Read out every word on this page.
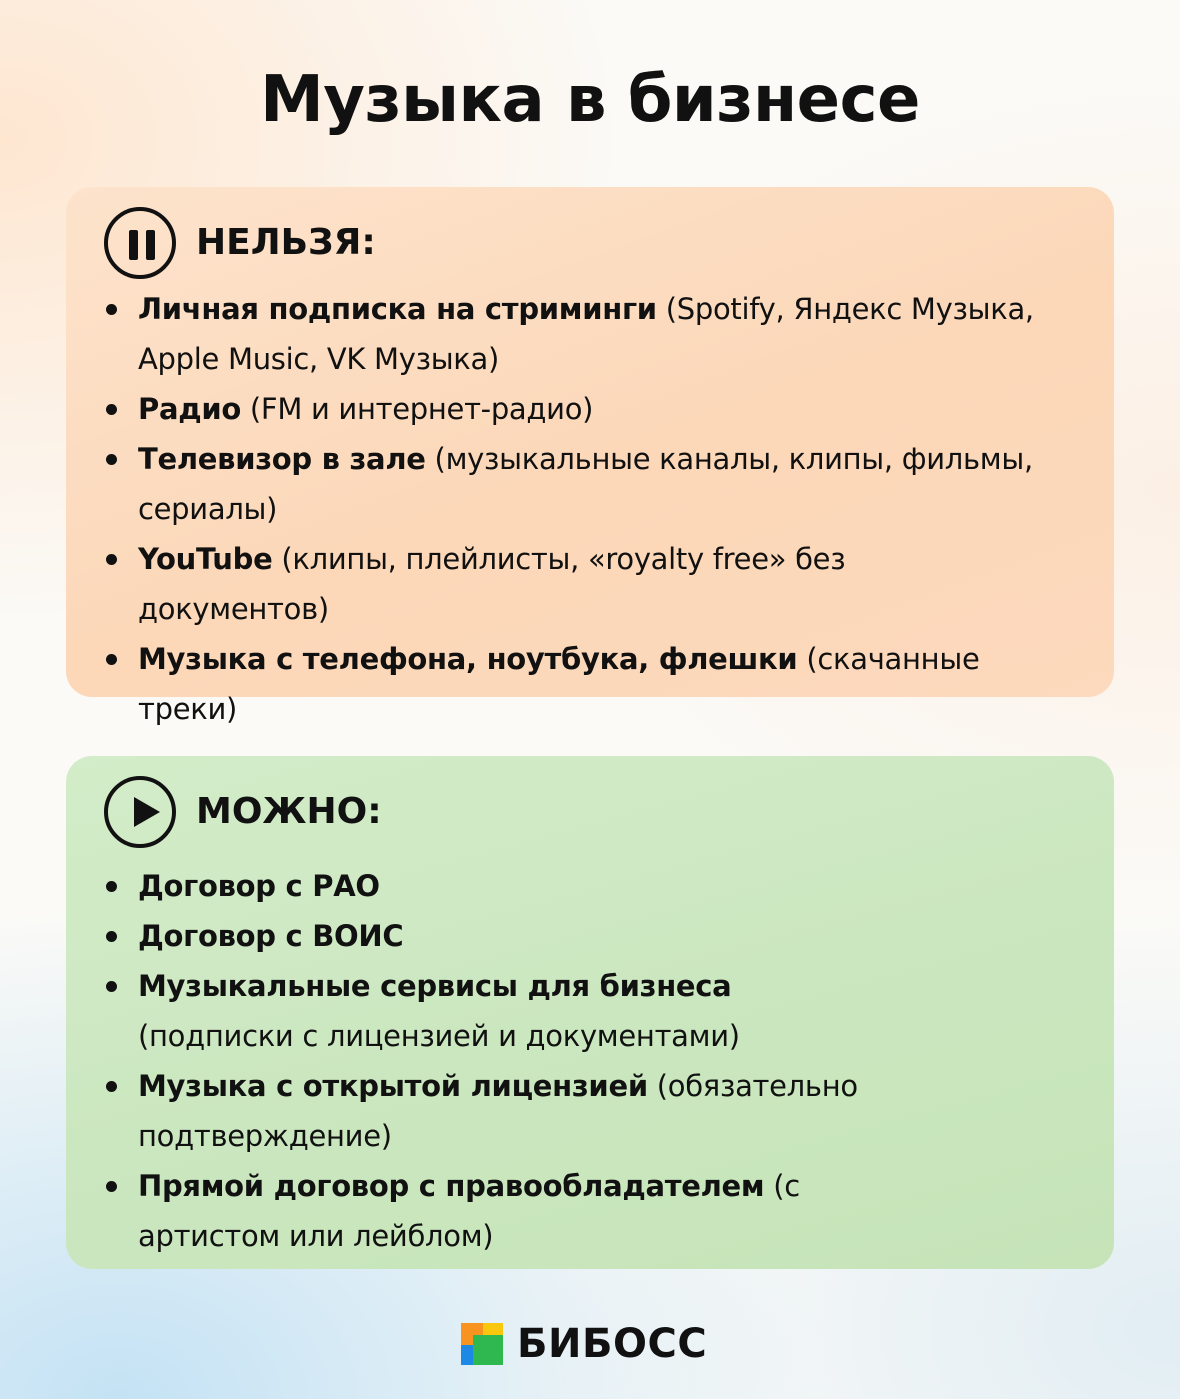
Музыка в бизнесе
НЕЛЬЗЯ:
Личная подписка на стриминги (Spotify, Яндекс Музыка, Apple Music, VK Музыка)
Радио (FM и интернет-радио)
Телевизор в зале (музыкальные каналы, клипы, фильмы, сериалы)
YouTube (клипы, плейлисты, «royalty free» без документов)
Музыка с телефона, ноутбука, флешки (скачанные треки)
МОЖНО:
Договор с РАО
Договор с ВОИС
Музыкальные сервисы для бизнеса (подписки с лицензией и документами)
Музыка с открытой лицензией (обязательно подтверждение)
Прямой договор с правообладателем (с артистом или лейблом)
БИБОСС
